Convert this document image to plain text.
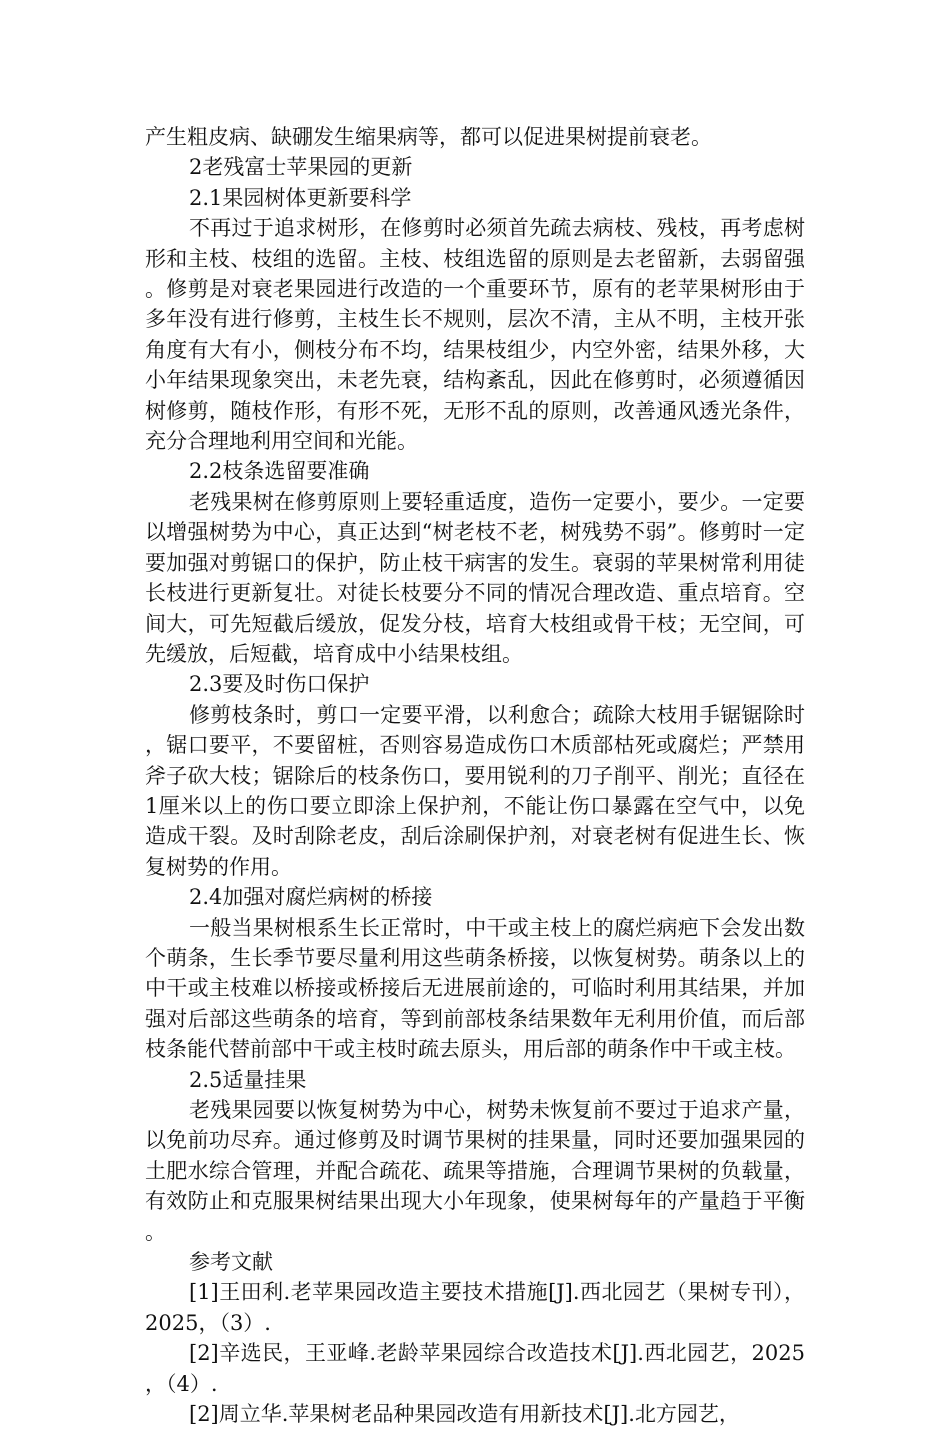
产生粗皮病、缺硼发生缩果病等，都可以促进果树提前衰老。

2老残富士苹果园的更新

2.1果园树体更新要科学

不再过于追求树形，在修剪时必须首先疏去病枝、残枝，再考虑树形和主枝、枝组的选留。主枝、枝组选留的原则是去老留新，去弱留强。修剪是对衰老果园进行改造的一个重要环节，原有的老苹果树形由于多年没有进行修剪，主枝生长不规则，层次不清，主从不明，主枝开张角度有大有小，侧枝分布不均，结果枝组少，内空外密，结果外移，大小年结果现象突出，未老先衰，结构紊乱，因此在修剪时，必须遵循因树修剪，随枝作形，有形不死，无形不乱的原则，改善通风透光条件，充分合理地利用空间和光能。

2.2枝条选留要准确

老残果树在修剪原则上要轻重适度，造伤一定要小，要少。一定要以增强树势为中心，真正达到“树老枝不老，树残势不弱”。修剪时一定要加强对剪锯口的保护，防止枝干病害的发生。衰弱的苹果树常利用徒长枝进行更新复壮。对徒长枝要分不同的情况合理改造、重点培育。空间大，可先短截后缓放，促发分枝，培育大枝组或骨干枝；无空间，可先缓放，后短截，培育成中小结果枝组。

2.3要及时伤口保护

修剪枝条时，剪口一定要平滑，以利愈合；疏除大枝用手锯锯除时，锯口要平，不要留桩，否则容易造成伤口木质部枯死或腐烂；严禁用斧子砍大枝；锯除后的枝条伤口，要用锐利的刀子削平、削光；直径在1厘米以上的伤口要立即涂上保护剂，不能让伤口暴露在空气中，以免造成干裂。及时刮除老皮，刮后涂刷保护剂，对衰老树有促进生长、恢复树势的作用。

2.4加强对腐烂病树的桥接

一般当果树根系生长正常时，中干或主枝上的腐烂病疤下会发出数个萌条，生长季节要尽量利用这些萌条桥接，以恢复树势。萌条以上的中干或主枝难以桥接或桥接后无进展前途的，可临时利用其结果，并加强对后部这些萌条的培育，等到前部枝条结果数年无利用价值，而后部枝条能代替前部中干或主枝时疏去原头，用后部的萌条作中干或主枝。

2.5适量挂果

老残果园要以恢复树势为中心，树势未恢复前不要过于追求产量，以免前功尽弃。通过修剪及时调节果树的挂果量，同时还要加强果园的土肥水综合管理，并配合疏花、疏果等措施，合理调节果树的负载量，有效防止和克服果树结果出现大小年现象，使果树每年的产量趋于平衡。

参考文献

[1]王田利.老苹果园改造主要技术措施[J].西北园艺（果树专刊），2025，（3）.

[2]辛选民，王亚峰.老龄苹果园综合改造技术[J].西北园艺，2025，（4）.

[2]周立华.苹果树老品种果园改造有用新技术[J].北方园艺，
